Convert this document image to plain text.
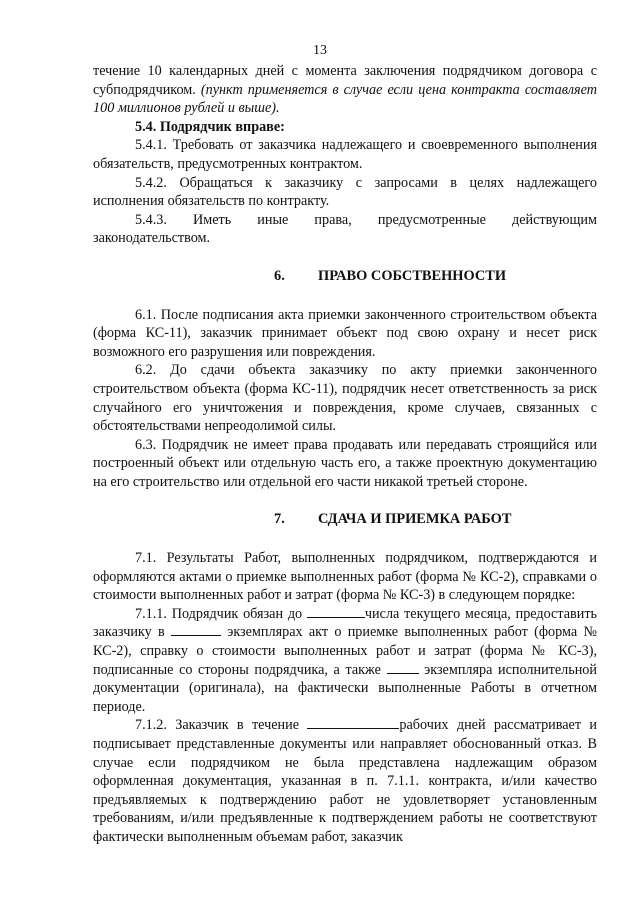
13

течение 10 календарных дней с момента заключения подрядчиком договора с субподрядчиком. (пункт применяется в случае если цена контракта составляет 100 миллионов рублей и выше).

5.4. Подрядчик вправе:

5.4.1. Требовать от заказчика надлежащего и своевременного выполнения обязательств, предусмотренных контрактом.

5.4.2. Обращаться к заказчику с запросами в целях надлежащего исполнения обязательств по контракту.

5.4.3. Иметь иные права, предусмотренные действующим законодательством.

6. ПРАВО СОБСТВЕННОСТИ

6.1. После подписания акта приемки законченного строительством объекта (форма КС-11), заказчик принимает объект под свою охрану и несет риск возможного его разрушения или повреждения.

6.2. До сдачи объекта заказчику по акту приемки законченного строительством объекта (форма КС-11), подрядчик несет ответственность за риск случайного его уничтожения и повреждения, кроме случаев, связанных с обстоятельствами непреодолимой силы.

6.3. Подрядчик не имеет права продавать или передавать строящийся или построенный объект или отдельную часть его, а также проектную документацию на его строительство или отдельной его части никакой третьей стороне.

7. СДАЧА И ПРИЕМКА РАБОТ

7.1. Результаты Работ, выполненных подрядчиком, подтверждаются и оформляются актами о приемке выполненных работ (форма № КС-2), справками о стоимости выполненных работ и затрат (форма № КС-3) в следующем порядке:

7.1.1. Подрядчик обязан до	числа текущего месяца, предоставить заказчику в	экземплярах акт о приемке выполненных работ (форма № КС-2), справку о стоимости выполненных работ и затрат (форма № КС-3), подписанные со стороны подрядчика, а также  экземпляра исполнительной документации (оригинала), на фактически выполненные Работы в отчетном периоде.

7.1.2. Заказчик в течение	рабочих дней рассматривает и подписывает представленные документы или направляет обоснованный отказ. В случае если подрядчиком не была представлена надлежащим образом оформленная документация, указанная в п. 7.1.1. контракта, и/или качество предъявляемых к подтверждению работ не удовлетворяет установленным требованиям, и/или предъявленные к подтверждением работы не соответствуют фактически выполненным объемам работ, заказчик
